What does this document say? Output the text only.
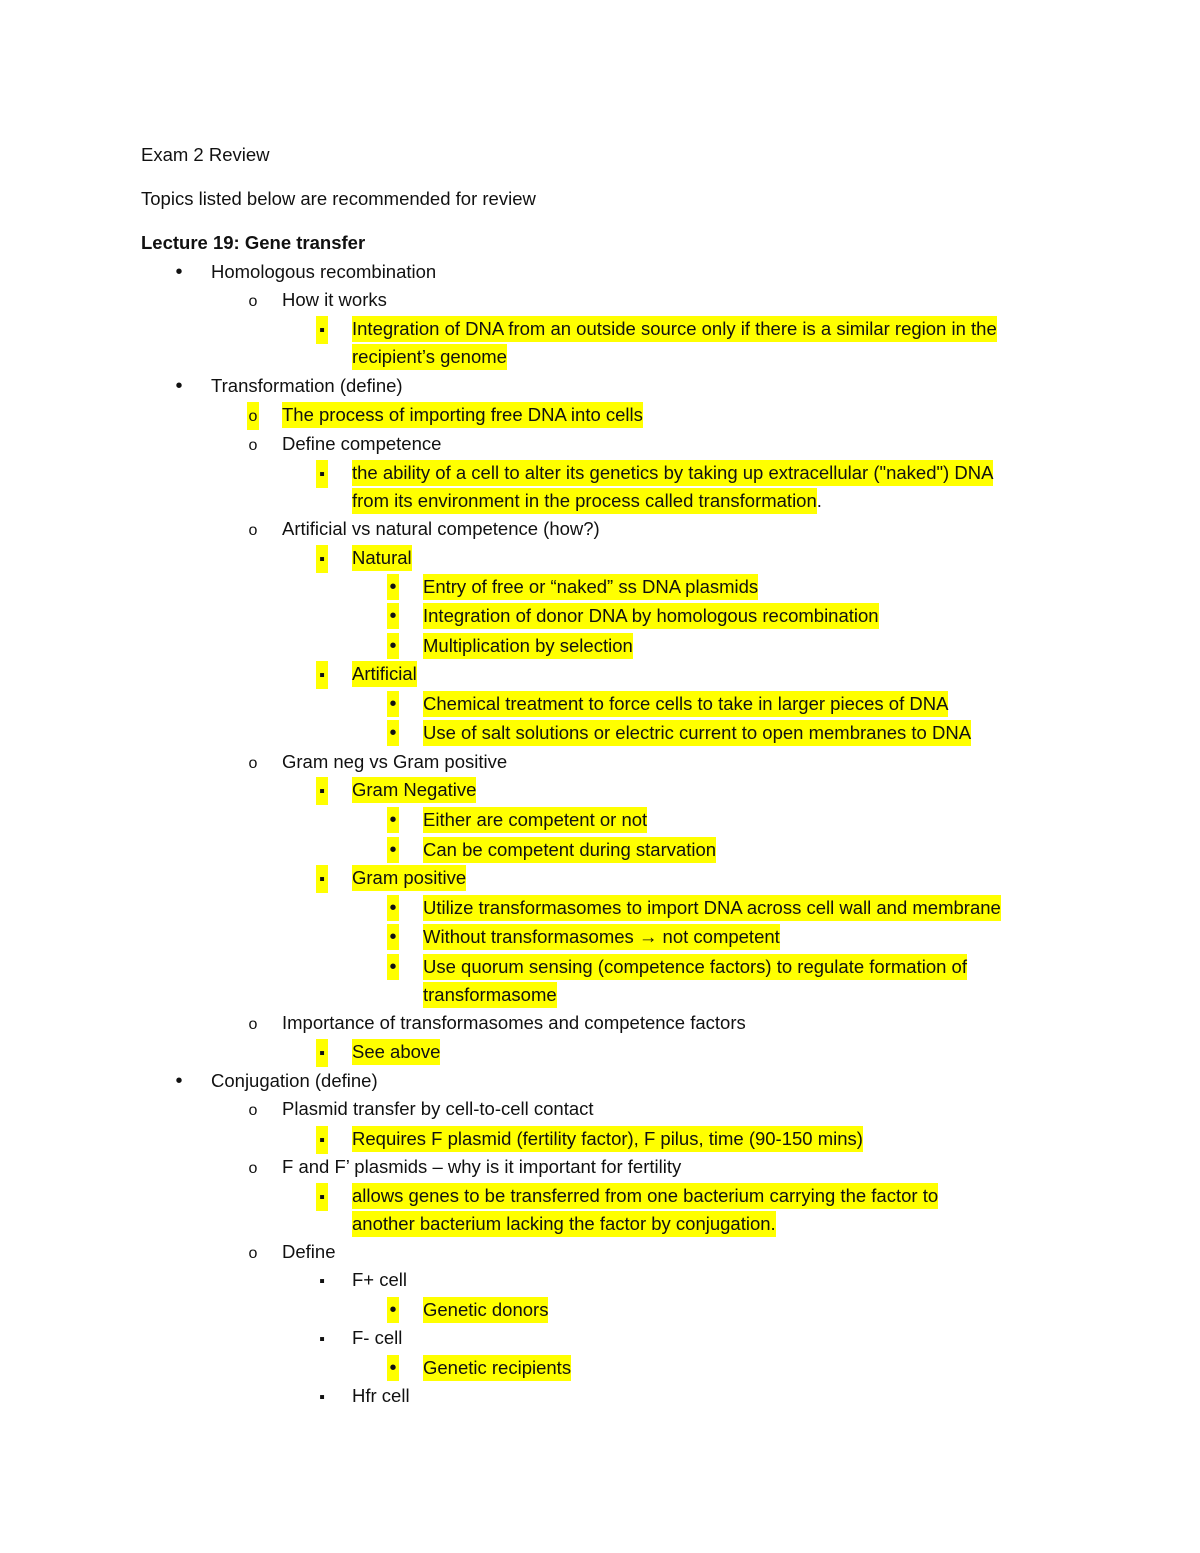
Exam 2 Review
Topics listed below are recommended for review
Lecture 19: Gene transfer
•
Homologous recombination
o
How it works
▪
Integration of DNA from an outside source only if there is a similar region in the
recipient’s genome
•
Transformation (define)
o
The process of importing free DNA into cells
o
Define competence
▪
the ability of a cell to alter its genetics by taking up extracellular ("naked") DNA
from its environment in the process called transformation.
o
Artificial vs natural competence (how?)
▪
Natural
•
Entry of free or “naked” ss DNA plasmids
•
Integration of donor DNA by homologous recombination
•
Multiplication by selection
▪
Artificial
•
Chemical treatment to force cells to take in larger pieces of DNA
•
Use of salt solutions or electric current to open membranes to DNA
o
Gram neg vs Gram positive
▪
Gram Negative
•
Either are competent or not
•
Can be competent during starvation
▪
Gram positive
•
Utilize transformasomes to import DNA across cell wall and membrane
•
Without transformasomes → not competent
•
Use quorum sensing (competence factors) to regulate formation of
transformasome
o
Importance of transformasomes and competence factors
▪
See above
•
Conjugation (define)
o
Plasmid transfer by cell-to-cell contact
▪
Requires F plasmid (fertility factor), F pilus, time (90-150 mins)
o
F and F’ plasmids – why is it important for fertility
▪
allows genes to be transferred from one bacterium carrying the factor to
another bacterium lacking the factor by conjugation.
o
Define
▪
F+ cell
•
Genetic donors
▪
F- cell
•
Genetic recipients
▪
Hfr cell
